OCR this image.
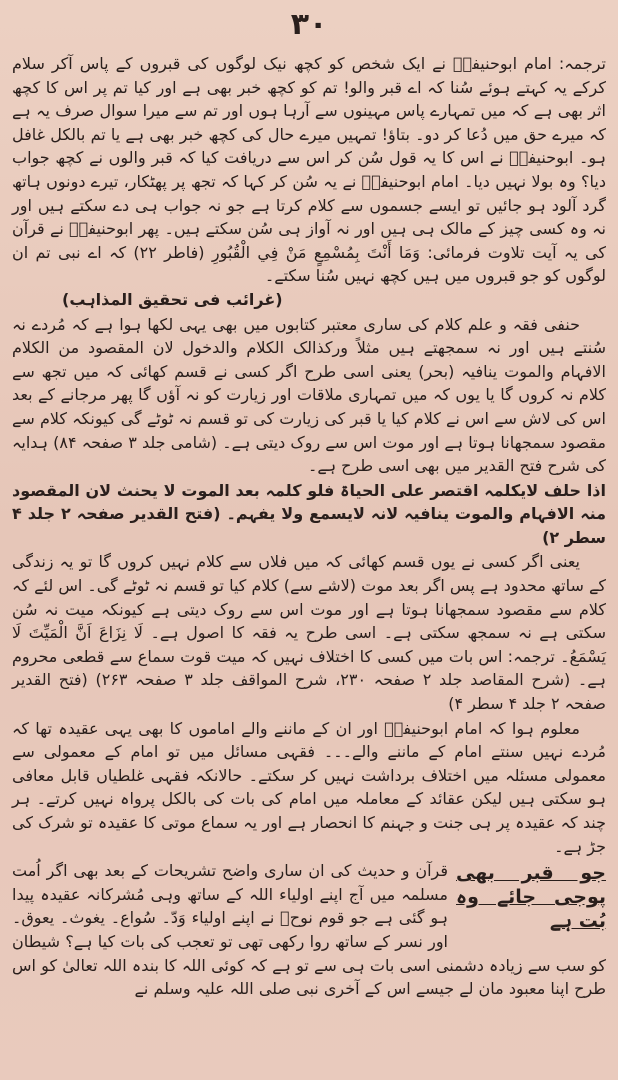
۳۰

ترجمہ: امام ابوحنیفہؒ نے ایک شخص کو کچھ نیک لوگوں کی قبروں کے پاس آکر سلام کرکے یہ کہتے ہوئے سُنا کہ اے قبر والو! تم کو کچھ خبر بھی ہے اور کیا تم پر اس کا کچھ اثر بھی ہے کہ میں تمہارے پاس مہینوں سے آرہا ہوں اور تم سے میرا سوال صرف یہ ہے کہ میرے حق میں دُعا کر دو۔ بتاؤ! تمہیں میرے حال کی کچھ خبر بھی ہے یا تم بالکل غافل ہو۔ ابوحنیفہؒ نے اس کا یہ قول سُن کر اس سے دریافت کیا کہ قبر والوں نے کچھ جواب دیا؟ وہ بولا نہیں دیا۔ امام ابوحنیفہؒ نے یہ سُن کر کہا کہ تجھ پر پھٹکار، تیرے دونوں ہاتھ گرد آلود ہو جائیں تو ایسے جسموں سے کلام کرتا ہے جو نہ جواب ہی دے سکتے ہیں اور نہ وہ کسی چیز کے مالک ہی ہیں اور نہ آواز ہی سُن سکتے ہیں۔ پھر ابوحنیفہؒ نے قرآن کی یہ آیت تلاوت فرمائی: وَمَا أَنْتَ بِمُسْمِعٍ مَنْ فِي الْقُبُورِ (فاطر ۲۲) کہ اے نبی تم ان لوگوں کو جو قبروں میں ہیں کچھ نہیں سُنا سکتے۔
(غرائب فی تحقیق المذاہب)

حنفی فقہ و علم کلام کی ساری معتبر کتابوں میں بھی یہی لکھا ہوا ہے کہ مُردے نہ سُنتے ہیں اور نہ سمجھتے ہیں مثلاً ورکذالک الکلام والدخول لان المقصود من الکلام الافہام والموت ینافیہ (بحر) یعنی اسی طرح اگر کسی نے قسم کھائی کہ میں تجھ سے کلام نہ کروں گا یا یوں کہ میں تمہاری ملاقات اور زیارت کو نہ آؤں گا پھر مرجانے کے بعد اس کی لاش سے اس نے کلام کیا یا قبر کی زیارت کی تو قسم نہ ٹوٹے گی کیونکہ کلام سے مقصود سمجھانا ہوتا ہے اور موت اس سے روک دیتی ہے۔ (شامی جلد ۳ صفحہ ۸۴) ہدایہ کی شرح فتح القدیر میں بھی اسی طرح ہے۔

اذا حلف لایکلمہ اقتصر علی الحیاۃ فلو کلمہ بعد الموت لا یحنث لان المقصود منہ الافہام والموت ینافیہ لانہ لایسمع ولا یفہم۔ (فتح القدیر صفحہ ۲ جلد ۴ سطر ۲)

یعنی اگر کسی نے یوں قسم کھائی کہ میں فلاں سے کلام نہیں کروں گا تو یہ زندگی کے ساتھ محدود ہے پس اگر بعد موت (لاشے سے) کلام کیا تو قسم نہ ٹوٹے گی۔ اس لئے کہ کلام سے مقصود سمجھانا ہوتا ہے اور موت اس سے روک دیتی ہے کیونکہ میت نہ سُن سکتی ہے نہ سمجھ سکتی ہے۔ اسی طرح یہ فقہ کا اصول ہے۔ لَا نِزَاعَ اَنَّ الْمَيِّتَ لَا يَسْمَعُ۔ ترجمہ: اس بات میں کسی کا اختلاف نہیں کہ میت قوت سماع سے قطعی محروم ہے۔ (شرح المقاصد جلد ۲ صفحہ ۲۳۰، شرح المواقف جلد ۳ صفحہ ۲۶۳) (فتح القدیر صفحہ ۲ جلد ۴ سطر ۴)

معلوم ہوا کہ امام ابوحنیفہؒ اور ان کے ماننے والے اماموں کا بھی یہی عقیدہ تھا کہ مُردے نہیں سنتے امام کے ماننے والے۔۔۔ فقہی مسائل میں تو امام کے معمولی سے معمولی مسئلہ میں اختلاف برداشت نہیں کر سکتے۔ حالانکہ فقہی غلطیاں قابل معافی ہو سکتی ہیں لیکن عقائد کے معاملہ میں امام کی بات کی بالکل پرواہ نہیں کرتے۔ ہر چند کہ عقیدہ پر ہی جنت و جہنم کا انحصار ہے اور یہ سماع موتی کا عقیدہ تو شرک کی جڑ ہے۔

جو قبر بھی پوجی جائے وہ بُت ہے
قرآن و حدیث کی ان ساری واضح تشریحات کے بعد بھی اگر اُمت مسلمہ میں آج اپنے اولیاء اللہ کے ساتھ وہی مُشرکانہ عقیدہ پیدا ہو گئی ہے جو قوم نوحؑ نے اپنے اولیاء وَدّ۔ سُواع۔ یغوث۔ یعوق۔ اور نسر کے ساتھ روا رکھی تھی تو تعجب کی بات کیا ہے؟ شیطان کو سب سے زیادہ دشمنی اسی بات ہی سے تو ہے کہ کوئی اللہ کا بندہ اللہ تعالیٰ کو اس طرح اپنا معبود مان لے جیسے اس کے آخری نبی صلی اللہ علیہ وسلم نے
